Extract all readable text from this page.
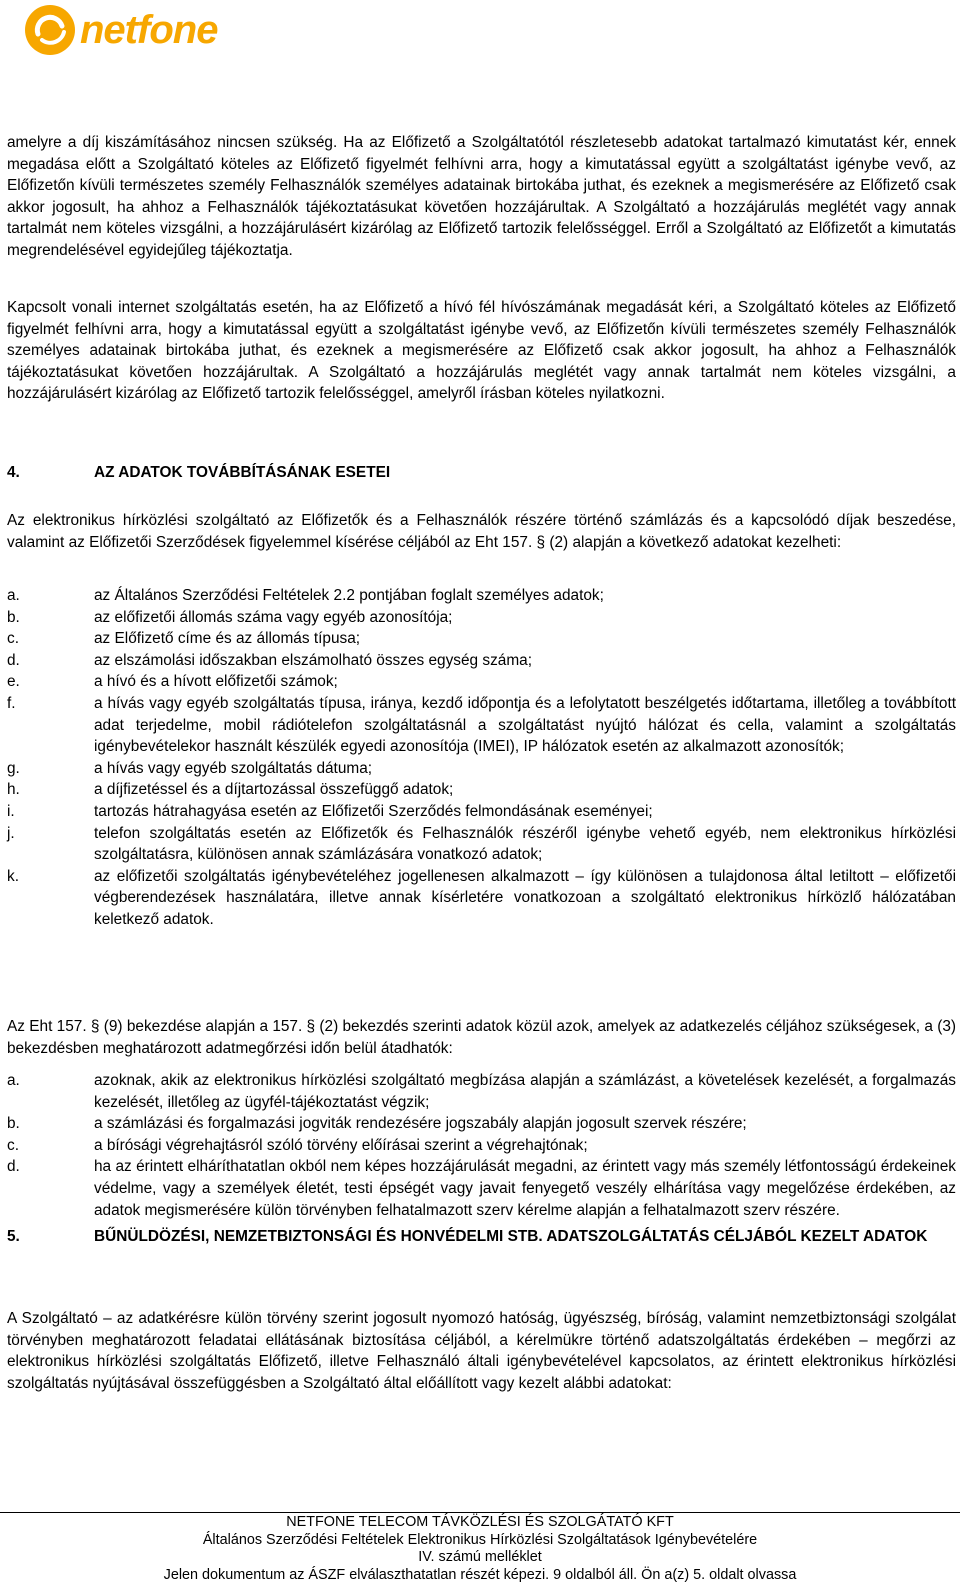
netfone

amelyre a díj kiszámításához nincsen szükség. Ha az Előfizető a Szolgáltatótól részletesebb adatokat tartalmazó kimutatást kér, ennek megadása előtt a Szolgáltató köteles az Előfizető figyelmét felhívni arra, hogy a kimutatással együtt a szolgáltatást igénybe vevő, az Előfizetőn kívüli természetes személy Felhasználók személyes adatainak birtokába juthat, és ezeknek a megismerésére az Előfizető csak akkor jogosult, ha ahhoz a Felhasználók tájékoztatásukat követően hozzájárultak. A Szolgáltató a hozzájárulás meglétét vagy annak tartalmát nem köteles vizsgálni, a hozzájárulásért kizárólag az Előfizető tartozik felelősséggel. Erről a Szolgáltató az Előfizetőt a kimutatás megrendelésével egyidejűleg tájékoztatja.

Kapcsolt vonali internet szolgáltatás esetén, ha az Előfizető a hívó fél hívószámának megadását kéri, a Szolgáltató köteles az Előfizető figyelmét felhívni arra, hogy a kimutatással együtt a szolgáltatást igénybe vevő, az Előfizetőn kívüli természetes személy Felhasználók személyes adatainak birtokába juthat, és ezeknek a megismerésére az Előfizető csak akkor jogosult, ha ahhoz a Felhasználók tájékoztatásukat követően hozzájárultak. A Szolgáltató a hozzájárulás meglétét vagy annak tartalmát nem köteles vizsgálni, a hozzájárulásért kizárólag az Előfizető tartozik felelősséggel, amelyről írásban köteles nyilatkozni.

4.	AZ ADATOK TOVÁBBÍTÁSÁNAK ESETEI

Az elektronikus hírközlési szolgáltató az Előfizetők és a Felhasználók részére történő számlázás és a kapcsolódó díjak beszedése, valamint az Előfizetői Szerződések figyelemmel kísérése céljából az Eht 157. § (2) alapján a következő adatokat kezelheti:

a.	az Általános Szerződési Feltételek 2.2 pontjában foglalt személyes adatok;
b.	az előfizetői állomás száma vagy egyéb azonosítója;
c.	az Előfizető címe és az állomás típusa;
d.	az elszámolási időszakban elszámolható összes egység száma;
e.	a hívó és a hívott előfizetői számok;
f.	a hívás vagy egyéb szolgáltatás típusa, iránya, kezdő időpontja és a lefolytatott beszélgetés időtartama, illetőleg a továbbított adat terjedelme, mobil rádiótelefon szolgáltatásnál a szolgáltatást nyújtó hálózat és cella, valamint a szolgáltatás igénybevételekor használt készülék egyedi azonosítója (IMEI), IP hálózatok esetén az alkalmazott azonosítók;
g.	a hívás vagy egyéb szolgáltatás dátuma;
h.	a díjfizetéssel és a díjtartozással összefüggő adatok;
i.	tartozás hátrahagyása esetén az Előfizetői Szerződés felmondásának eseményei;
j.	telefon szolgáltatás esetén az Előfizetők és Felhasználók részéről igénybe vehető egyéb, nem elektronikus hírközlési szolgáltatásra, különösen annak számlázására vonatkozó adatok;
k.	az előfizetői szolgáltatás igénybevételéhez jogellenesen alkalmazott – így különösen a tulajdonosa által letiltott – előfizetői végberendezések használatára, illetve annak kísérletére vonatkozoan a szolgáltató elektronikus hírközlő hálózatában keletkező adatok.

Az Eht 157. § (9) bekezdése alapján a 157. § (2) bekezdés szerinti adatok közül azok, amelyek az adatkezelés céljához szükségesek, a (3) bekezdésben meghatározott adatmegőrzési időn belül átadhatók:

a.	azoknak, akik az elektronikus hírközlési szolgáltató megbízása alapján a számlázást, a követelések kezelését, a forgalmazás kezelését, illetőleg az ügyfél-tájékoztatást végzik;
b.	a számlázási és forgalmazási jogviták rendezésére jogszabály alapján jogosult szervek részére;
c.	a bírósági végrehajtásról szóló törvény előírásai szerint a végrehajtónak;
d.	ha az érintett elháríthatatlan okból nem képes hozzájárulását megadni, az érintett vagy más személy létfontosságú érdekeinek védelme, vagy a személyek életét, testi épségét vagy javait fenyegető veszély elhárítása vagy megelőzése érdekében, az adatok megismerésére külön törvényben felhatalmazott szerv kérelme alapján a felhatalmazott szerv részére.
5.	BŰNÜLDÖZÉSI, NEMZETBIZTONSÁGI ÉS HONVÉDELMI STB. ADATSZOLGÁLTATÁS CÉLJÁBÓL KEZELT ADATOK

A Szolgáltató – az adatkérésre külön törvény szerint jogosult nyomozó hatóság, ügyészség, bíróság, valamint nemzetbiztonsági szolgálat törvényben meghatározott feladatai ellátásának biztosítása céljából, a kérelmükre történő adatszolgáltatás érdekében – megőrzi az elektronikus hírközlési szolgáltatás Előfizető, illetve Felhasználó általi igénybevételével kapcsolatos, az érintett elektronikus hírközlési szolgáltatás nyújtásával összefüggésben a Szolgáltató által előállított vagy kezelt alábbi adatokat:

NETFONE TELECOM TÁVKÖZLÉSI ÉS SZOLGÁTATÓ KFT
Általános Szerződési Feltételek Elektronikus Hírközlési Szolgáltatások Igénybevételére
IV. számú melléklet
Jelen dokumentum az ÁSZF elválaszthatatlan részét képezi. 9 oldalból áll. Ön a(z) 5. oldalt olvassa
